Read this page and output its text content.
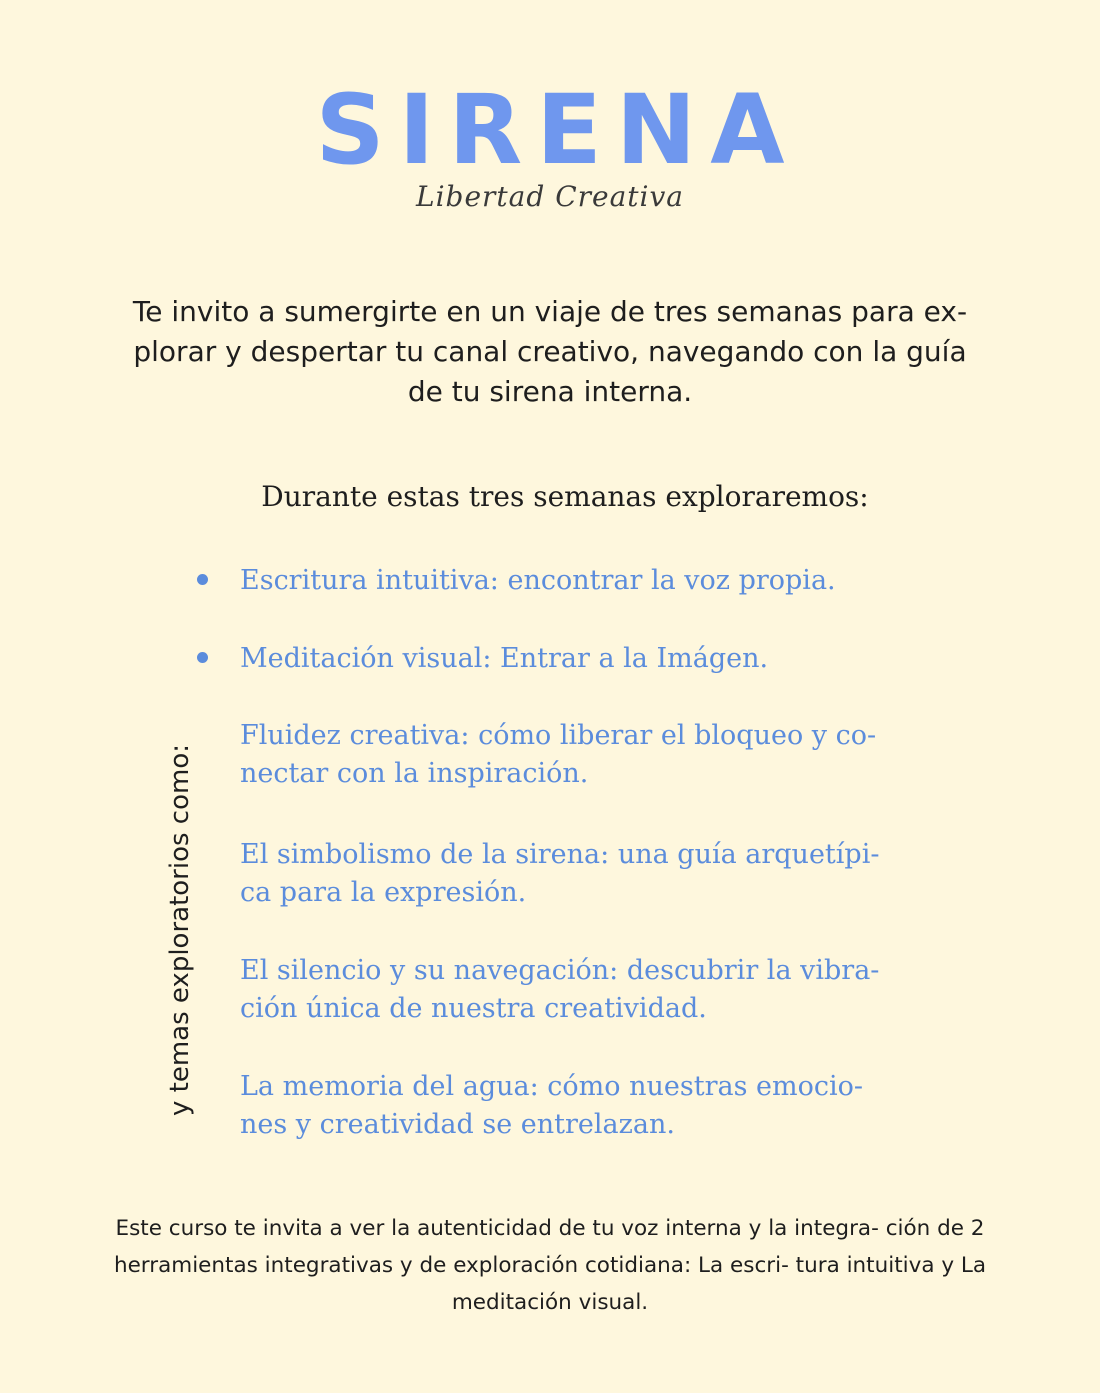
SIRENA
Libertad Creativa
Te invito a sumergirte en un viaje de tres semanas para ex- plorar y despertar tu canal creativo, navegando con la guía de tu sirena interna.
Durante estas tres semanas exploraremos:
Escritura intuitiva: encontrar la voz propia.
Meditación visual: Entrar a la Imágen.
y temas exploratorios como:
Fluidez creativa: cómo liberar el bloqueo y co- nectar con la inspiración.
El simbolismo de la sirena: una guía arquetípi- ca para la expresión.
El silencio y su navegación: descubrir la vibra- ción única de nuestra creatividad.
La memoria del agua: cómo nuestras emocio- nes y creatividad se entrelazan.
Este curso te invita a ver la autenticidad de tu voz interna y la integra- ción de 2 herramientas integrativas y de exploración cotidiana: La escri- tura intuitiva y La meditación visual.
